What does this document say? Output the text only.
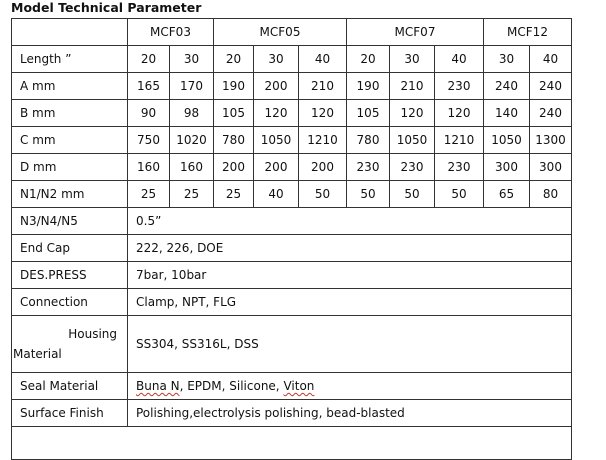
Model Technical Parameter
	MCF03		MCF05			MCF07			MCF12	
Length ”	20	30	20	30	40	20	30	40	30	40
A mm	165	170	190	200	210	190	210	230	240	240
B mm	90	98	105	120	120	105	120	120	140	240
C mm	750	1020	780	1050	1210	780	1050	1210	1050	1300
D mm	160	160	200	200	200	230	230	230	300	300
N1/N2 mm	25	25	25	40	50	50	50	50	65	80
N3/N4/N5	0.5”									
End Cap	222, 226, DOE									
DES.PRESS	7bar, 10bar									
Connection	Clamp, NPT, FLG									

Housing
Material	SS304, SS316L, DSS									
Seal Material	Buna N, EPDM, Silicone, Viton									
Surface Finish	Polishing,electrolysis polishing, bead-blasted									
